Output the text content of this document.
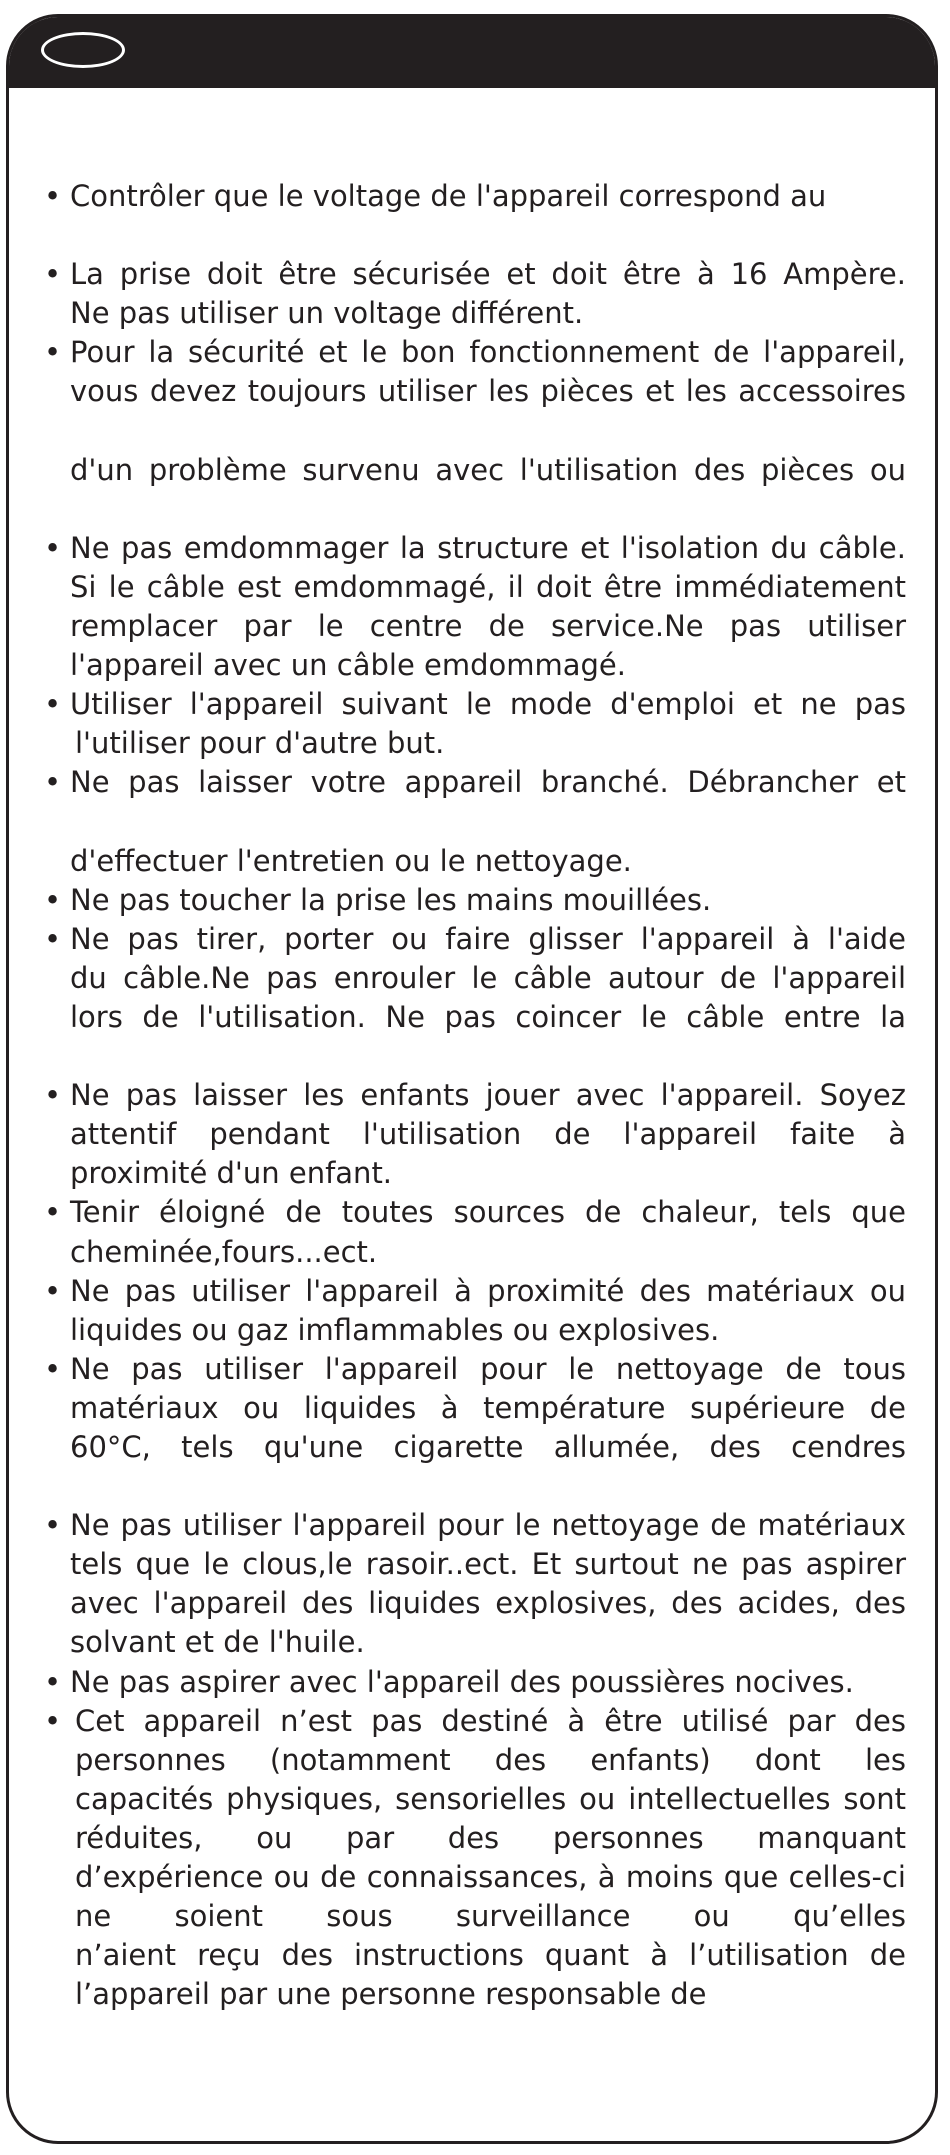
• Contrôler que le voltage de l'appareil correspond au
• La prise doit être sécurisée et doit être à 16 Ampère.
Ne pas utiliser un voltage différent.
• Pour la sécurité et le bon fonctionnement de l'appareil,
vous devez toujours utiliser les pièces et les accessoires
d'un problème survenu avec l'utilisation des pièces ou
• Ne pas emdommager la structure et l'isolation du câble.
Si le câble est emdommagé, il doit être immédiatement
remplacer par le centre de service.Ne pas utiliser
l'appareil avec un câble emdommagé.
• Utiliser l'appareil suivant le mode d'emploi et ne pas
l'utiliser pour d'autre but.
• Ne pas laisser votre appareil branché. Débrancher et
d'effectuer l'entretien ou le nettoyage.
• Ne pas toucher la prise les mains mouillées.
• Ne pas tirer, porter ou faire glisser l'appareil à l'aide
du câble.Ne pas enrouler le câble autour de l'appareil
lors de l'utilisation. Ne pas coincer le câble entre la
• Ne pas laisser les enfants jouer avec l'appareil. Soyez
attentif pendant l'utilisation de l'appareil faite à
proximité d'un enfant.
• Tenir éloigné de toutes sources de chaleur, tels que
cheminée,fours...ect.
• Ne pas utiliser l'appareil à proximité des matériaux ou
liquides ou gaz imflammables ou explosives.
• Ne pas utiliser l'appareil pour le nettoyage de tous
matériaux ou liquides à température supérieure de
60°C, tels qu'une cigarette allumée, des cendres
• Ne pas utiliser l'appareil pour le nettoyage de matériaux
tels que le clous,le rasoir..ect. Et surtout ne pas aspirer
avec l'appareil des liquides explosives, des acides, des
solvant et de l'huile.
• Ne pas aspirer avec l'appareil des poussières nocives.
• Cet appareil n’est pas destiné à être utilisé par des
personnes (notamment des enfants) dont les
capacités physiques, sensorielles ou intellectuelles sont
réduites, ou par des personnes manquant
d’expérience ou de connaissances, à moins que celles-ci
ne soient sous surveillance ou qu’elles
n’aient reçu des instructions quant à l’utilisation de
l’appareil par une personne responsable de
